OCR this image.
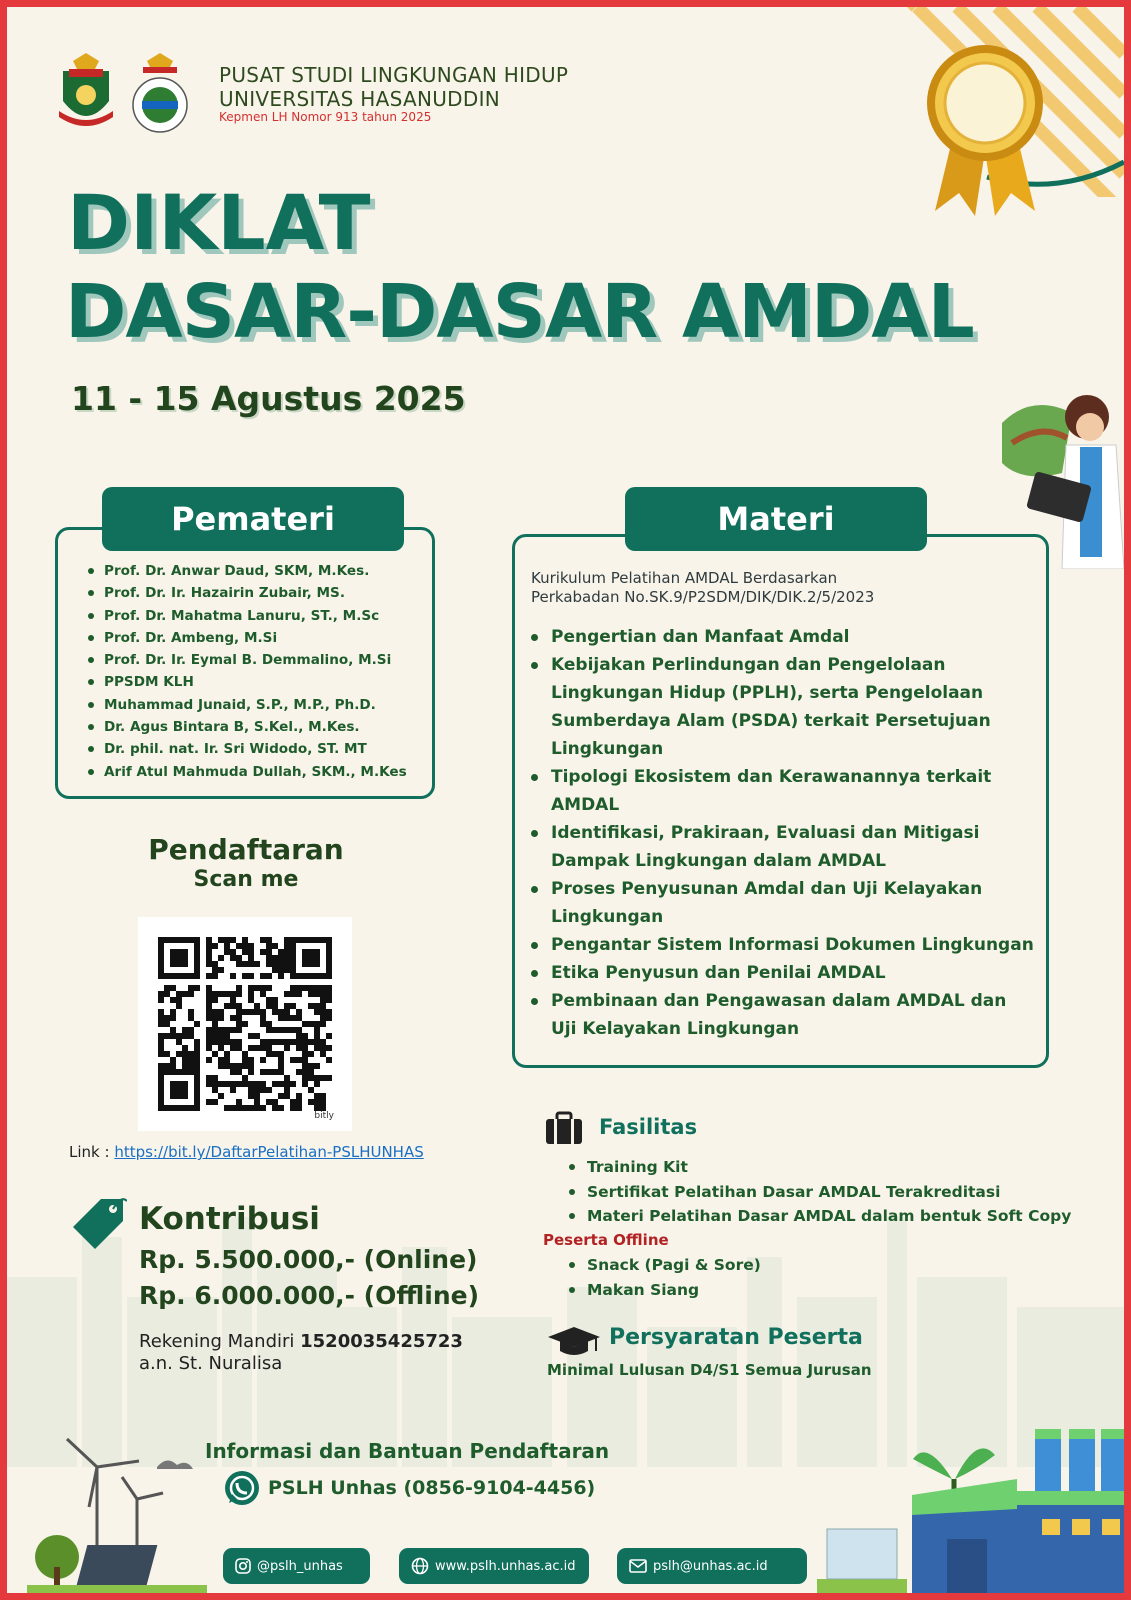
PUSAT STUDI LINGKUNGAN HIDUP
UNIVERSITAS HASANUDDIN
Kepmen LH Nomor 913 tahun 2025
DIKLAT
DASAR-DASAR AMDAL
11 - 15 Agustus 2025
Prof. Dr. Anwar Daud, SKM, M.Kes.
Prof. Dr. Ir. Hazairin Zubair, MS.
Prof. Dr. Mahatma Lanuru, ST., M.Sc
Prof. Dr. Ambeng, M.Si
Prof. Dr. Ir. Eymal B. Demmalino, M.Si
PPSDM KLH
Muhammad Junaid, S.P., M.P., Ph.D.
Dr. Agus Bintara B, S.Kel., M.Kes.
Dr. phil. nat. Ir. Sri Widodo, ST. MT
Arif Atul Mahmuda Dullah, SKM., M.Kes
Pemateri
Kurikulum Pelatihan AMDAL Berdasarkan
Perkabadan No.SK.9/P2SDM/DIK/DIK.2/5/2023
Pengertian dan Manfaat Amdal
Kebijakan Perlindungan dan Pengelolaan Lingkungan Hidup (PPLH), serta Pengelolaan Sumberdaya Alam (PSDA) terkait Persetujuan Lingkungan
Tipologi Ekosistem dan Kerawanannya terkait AMDAL
Identifikasi, Prakiraan, Evaluasi dan Mitigasi Dampak Lingkungan dalam AMDAL
Proses Penyusunan Amdal dan Uji Kelayakan Lingkungan
Pengantar Sistem Informasi Dokumen Lingkungan
Etika Penyusun dan Penilai AMDAL
Pembinaan dan Pengawasan dalam AMDAL dan Uji Kelayakan Lingkungan
Materi
Pendaftaran
Scan me
bitly
Link : https://bit.ly/DaftarPelatihan-PSLHUNHAS
Kontribusi
Rp. 5.500.000,- (Online)
Rp. 6.000.000,- (Offline)
Rekening Mandiri 1520035425723
a.n. St. Nuralisa
Fasilitas
Training Kit
Sertifikat Pelatihan Dasar AMDAL Terakreditasi
Materi Pelatihan Dasar AMDAL dalam bentuk Soft Copy
Peserta Offline
Snack (Pagi & Sore)
Makan Siang
Persyaratan Peserta
Minimal Lulusan D4/S1 Semua Jurusan
Informasi dan Bantuan Pendaftaran
PSLH Unhas (0856-9104-4456)
@pslh_unhas	www.pslh.unhas.ac.id	pslh@unhas.ac.id
